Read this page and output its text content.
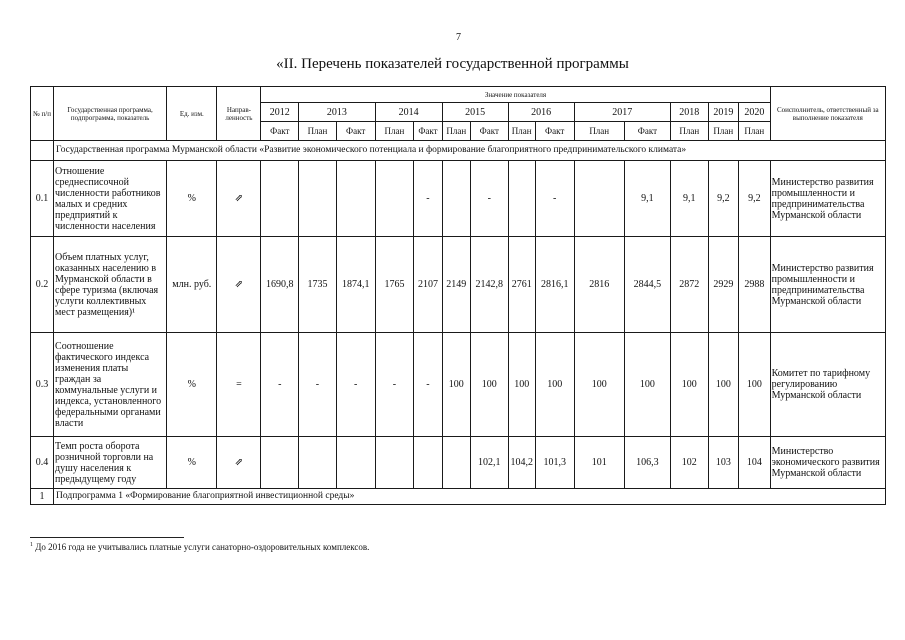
7
«II. Перечень показателей государственной программы
№ п/п	Государственная программа, подпрограмма, показатель	Ед. изм.	Направ-ленность	Значение показателя														Соисполнитель, ответственный за выполнение показателя
				2012	2013		2014		2015		2016		2017		2018	2019	2020	
				Факт	План	Факт	План	Факт	План	Факт	План	Факт	План	Факт	План	План	План	
	Государственная программа Мурманской области «Развитие экономического потенциала и формирование благоприятного предпринимательского климата»																	
0.1	Отношение среднесписочной численности работников малых и средних предприятий к численности населения	%	⇗					-		-		-		9,1	9,1	9,2	9,2	Министерство развития промышленности и предпринимательства Мурманской области
0.2	Объем платных услуг, оказанных населению в Мурманской области в сфере туризма (включая услуги коллективных мест размещения)¹	млн. руб.	⇗	1690,8	1735	1874,1	1765	2107	2149	2142,8	2761	2816,1	2816	2844,5	2872	2929	2988	Министерство развития промышленности и предпринимательства Мурманской области
0.3	Соотношение фактического индекса изменения платы граждан за коммунальные услуги и индекса, установленного федеральными органами власти	%	=	-	-	-	-	-	100	100	100	100	100	100	100	100	100	Комитет по тарифному регулированию Мурманской области
0.4	Темп роста оборота розничной торговли на душу населения к предыдущему году	%	⇗							102,1	104,2	101,3	101	106,3	102	103	104	Министерство экономического развития Мурманской области
1	Подпрограмма 1 «Формирование благоприятной инвестиционной среды»																	
$^1$ До 2016 года не учитывались платные услуги санаторно-оздоровительных комплексов.
